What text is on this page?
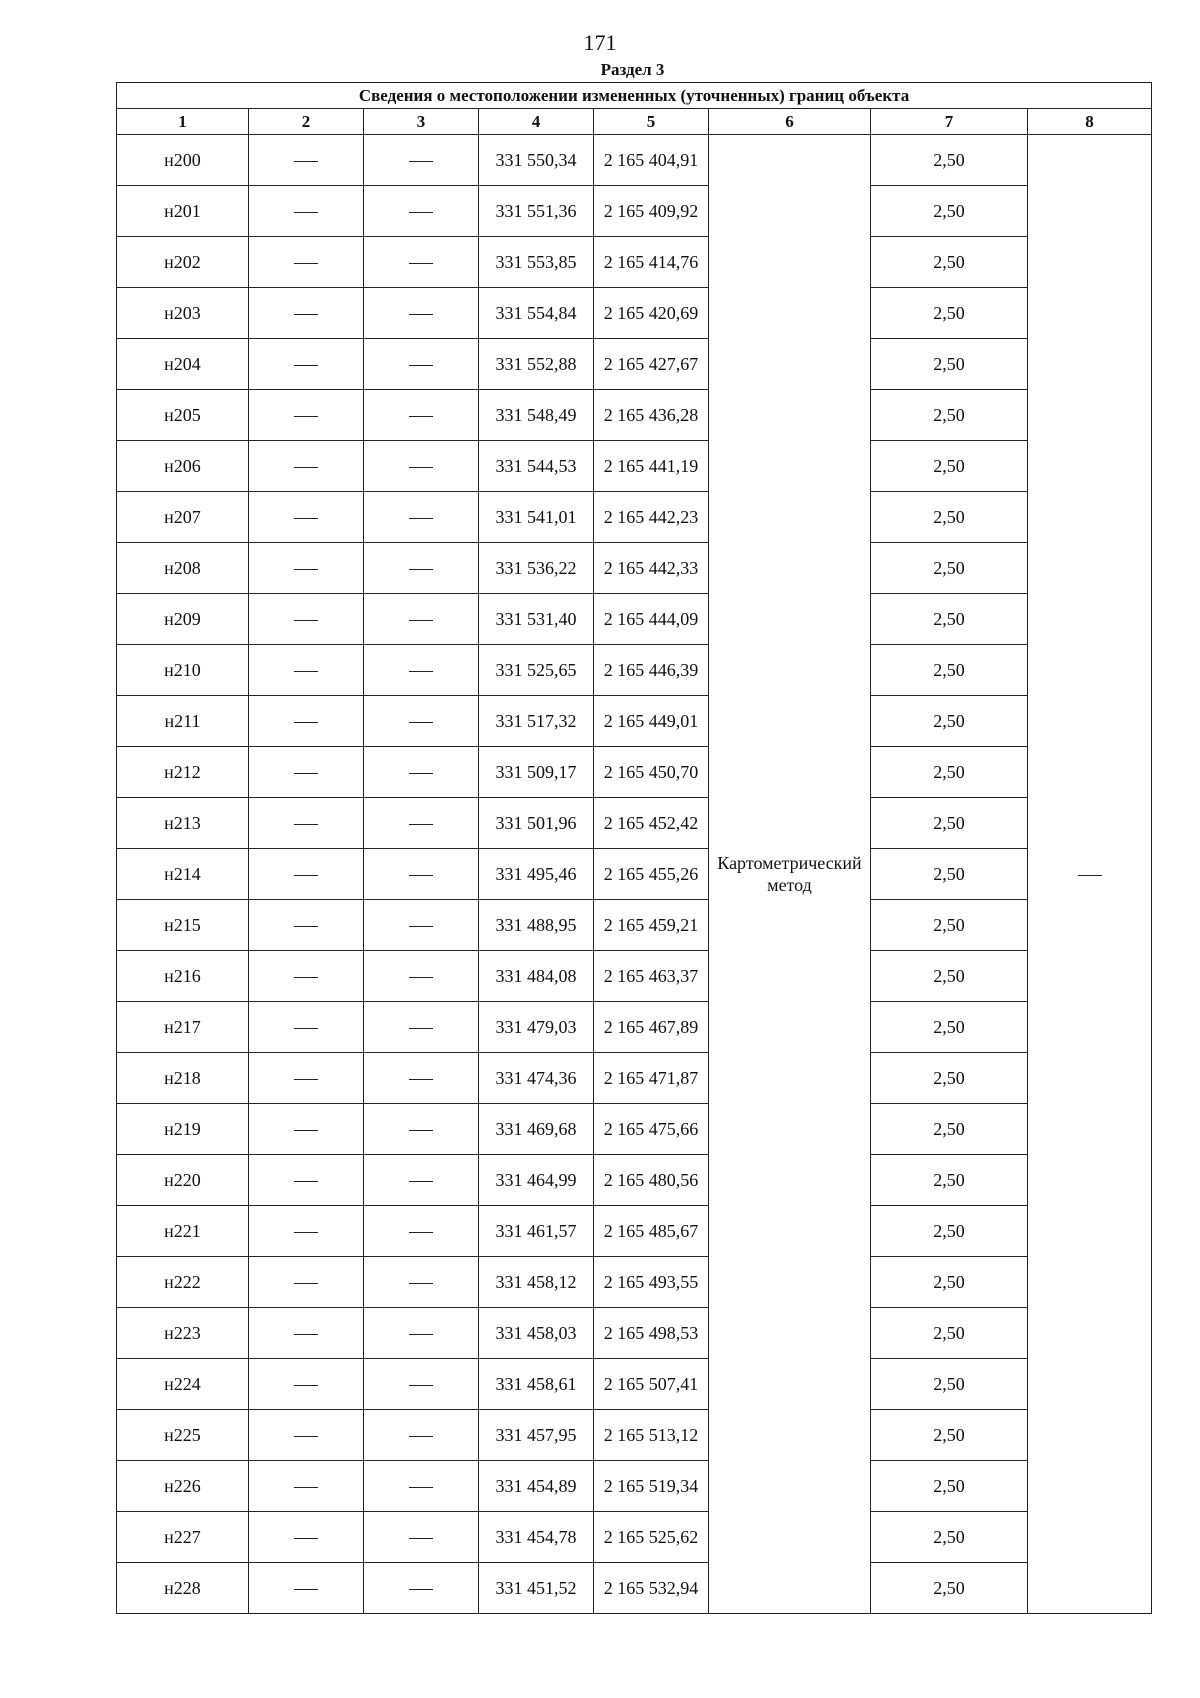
171
Раздел 3
Сведения о местоположении измененных (уточненных) границ объекта							
1	2	3	4	5	6	7	8
н200			331 550,34	2 165 404,91	Картометрический метод	2,50	
н201			331 551,36	2 165 409,92		2,50	
н202			331 553,85	2 165 414,76		2,50	
н203			331 554,84	2 165 420,69		2,50	
н204			331 552,88	2 165 427,67		2,50	
н205			331 548,49	2 165 436,28		2,50	
н206			331 544,53	2 165 441,19		2,50	
н207			331 541,01	2 165 442,23		2,50	
н208			331 536,22	2 165 442,33		2,50	
н209			331 531,40	2 165 444,09		2,50	
н210			331 525,65	2 165 446,39		2,50	
н211			331 517,32	2 165 449,01		2,50	
н212			331 509,17	2 165 450,70		2,50	
н213			331 501,96	2 165 452,42		2,50	
н214			331 495,46	2 165 455,26		2,50	
н215			331 488,95	2 165 459,21		2,50	
н216			331 484,08	2 165 463,37		2,50	
н217			331 479,03	2 165 467,89		2,50	
н218			331 474,36	2 165 471,87		2,50	
н219			331 469,68	2 165 475,66		2,50	
н220			331 464,99	2 165 480,56		2,50	
н221			331 461,57	2 165 485,67		2,50	
н222			331 458,12	2 165 493,55		2,50	
н223			331 458,03	2 165 498,53		2,50	
н224			331 458,61	2 165 507,41		2,50	
н225			331 457,95	2 165 513,12		2,50	
н226			331 454,89	2 165 519,34		2,50	
н227			331 454,78	2 165 525,62		2,50	
н228			331 451,52	2 165 532,94		2,50	
